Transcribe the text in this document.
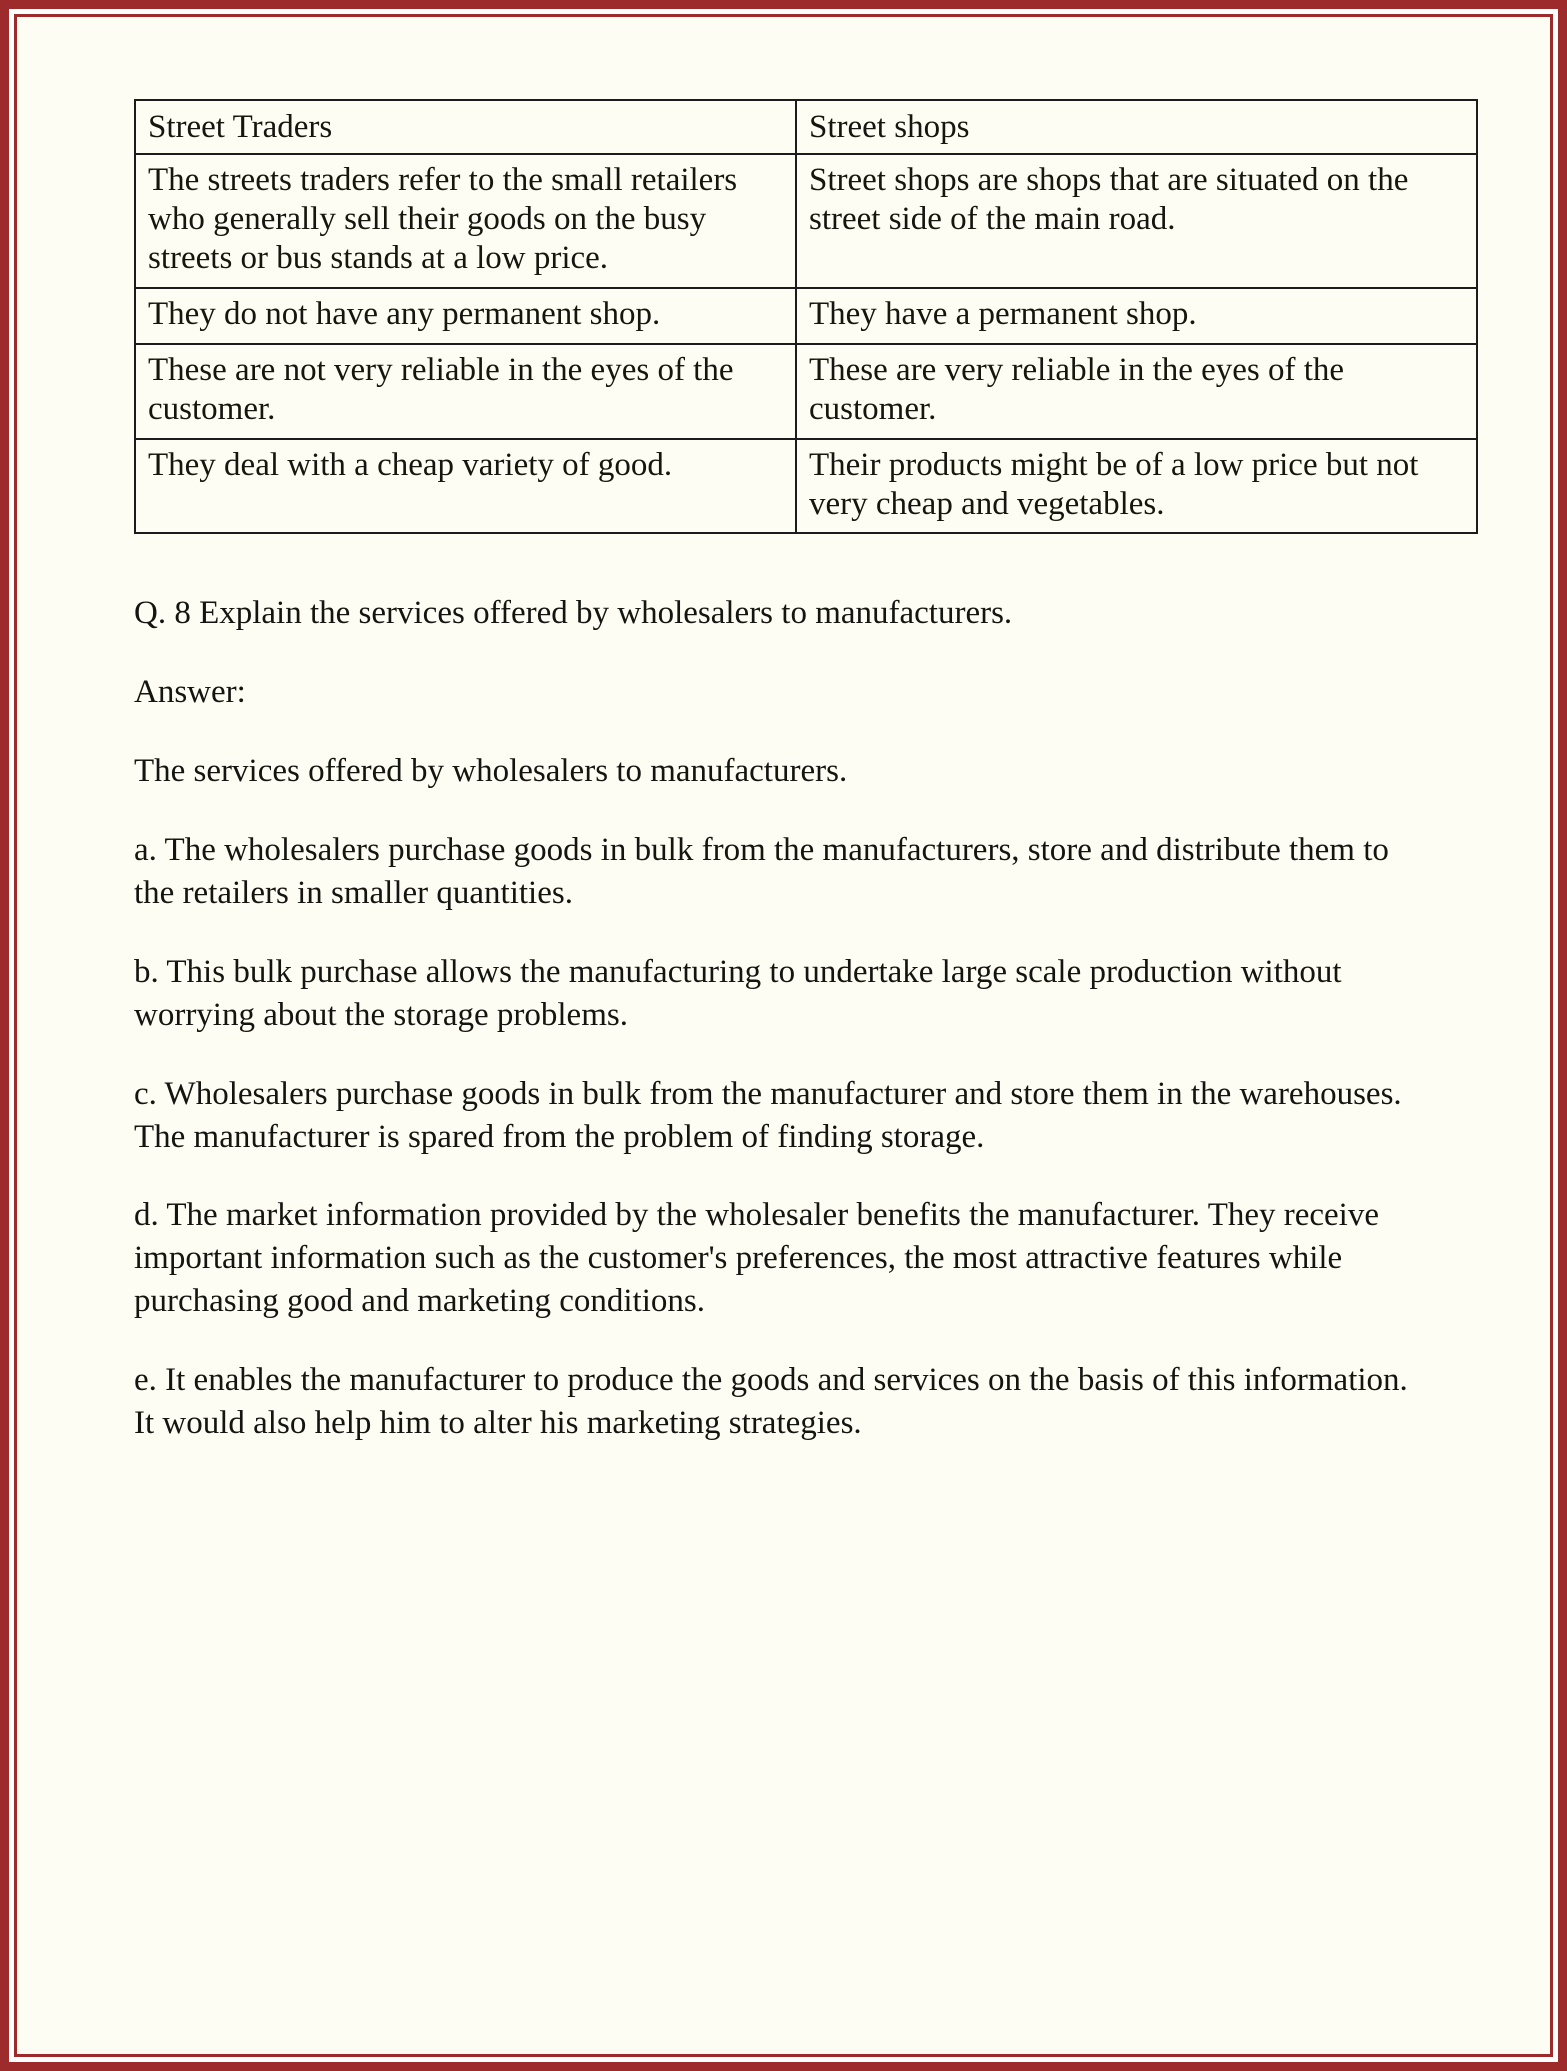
Street Traders	Street shops
The streets traders refer to the small retailers who generally sell their goods on the busy streets or bus stands at a low price.	Street shops are shops that are situated on the street side of the main road.
They do not have any permanent shop.	They have a permanent shop.
These are not very reliable in the eyes of the customer.	These are very reliable in the eyes of the customer.
They deal with a cheap variety of good.	Their products might be of a low price but not very cheap and vegetables.

Q. 8 Explain the services offered by wholesalers to manufacturers.

Answer:

The services offered by wholesalers to manufacturers.

a. The wholesalers purchase goods in bulk from the manufacturers, store and distribute them to the retailers in smaller quantities.

b. This bulk purchase allows the manufacturing to undertake large scale production without worrying about the storage problems.

c. Wholesalers purchase goods in bulk from the manufacturer and store them in the warehouses. The manufacturer is spared from the problem of finding storage.

d. The market information provided by the wholesaler benefits the manufacturer. They receive important information such as the customer's preferences, the most attractive features while purchasing good and marketing conditions.

e. It enables the manufacturer to produce the goods and services on the basis of this information. It would also help him to alter his marketing strategies.
